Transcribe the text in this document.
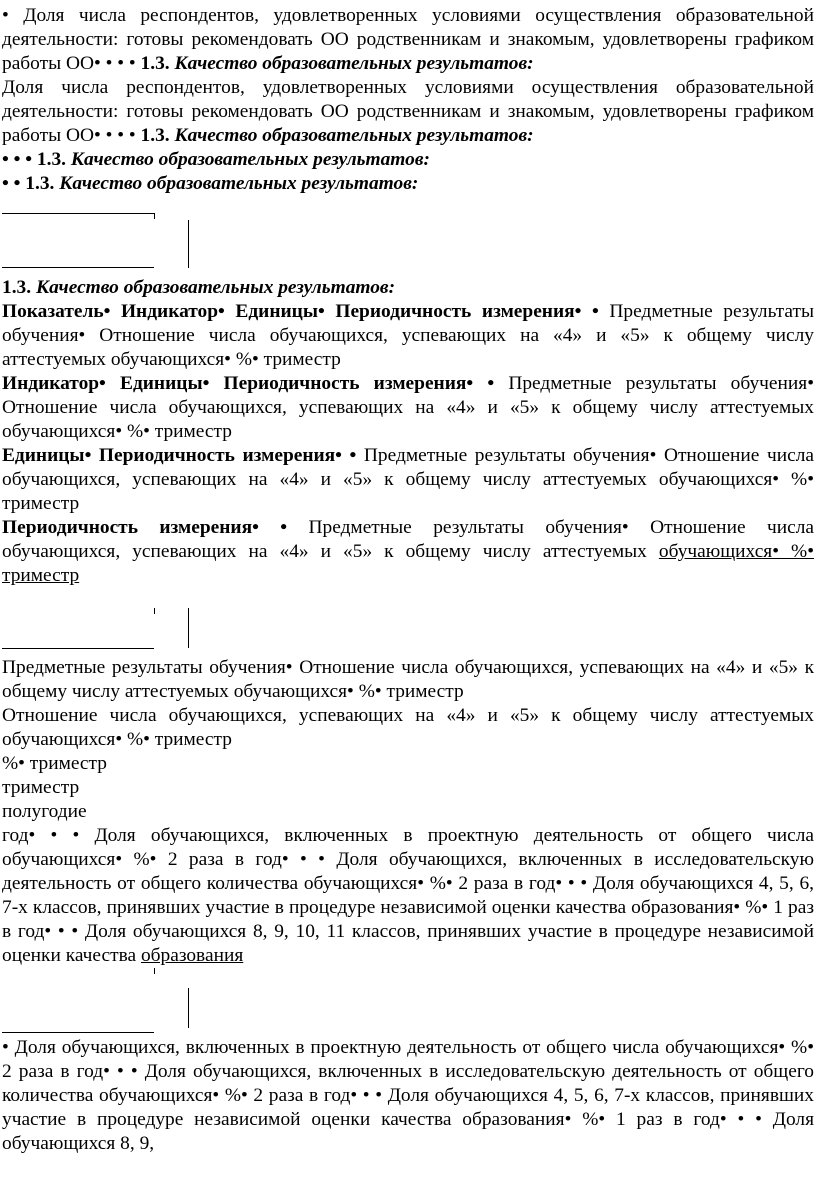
• Доля числа респондентов, удовлетворенных условиями осуществления образовательной деятельности: готовы рекомендовать ОО родственникам и знакомым, удовлетворены графиком работы ОО• • • • 1.3. Качество образовательных результатов:

Доля числа респондентов, удовлетворенных условиями осуществления образовательной деятельности: готовы рекомендовать ОО родственникам и знакомым, удовлетворены графиком работы ОО• • • • 1.3. Качество образовательных результатов:

• • • 1.3. Качество образовательных результатов:

• • 1.3. Качество образовательных результатов:

1.3. Качество образовательных результатов:

Показатель• Индикатор• Единицы• Периодичность измерения• • Предметные результаты обучения• Отношение числа обучающихся, успевающих на «4» и «5» к общему числу аттестуемых обучающихся• %• триместр

Индикатор• Единицы• Периодичность измерения• • Предметные результаты обучения• Отношение числа обучающихся, успевающих на «4» и «5» к общему числу аттестуемых обучающихся• %• триместр

Единицы• Периодичность измерения• • Предметные результаты обучения• Отношение числа обучающихся, успевающих на «4» и «5» к общему числу аттестуемых обучающихся• %• триместр

Периодичность измерения• • Предметные результаты обучения• Отношение числа обучающихся, успевающих на «4» и «5» к общему числу аттестуемых обучающихся• %• триместр

Предметные результаты обучения• Отношение числа обучающихся, успевающих на «4» и «5» к общему числу аттестуемых обучающихся• %• триместр

Отношение числа обучающихся, успевающих на «4» и «5» к общему числу аттестуемых обучающихся• %• триместр

%• триместр

триместр

полугодие

год• • • Доля обучающихся, включенных в проектную деятельность от общего числа обучающихся• %• 2 раза в год• • • Доля обучающихся, включенных в исследовательскую деятельность от общего количества обучающихся• %• 2 раза в год• • • Доля обучающихся 4, 5, 6, 7-х классов, принявших участие в процедуре независимой оценки качества образования• %• 1 раз в год• • • Доля обучающихся 8, 9, 10, 11 классов, принявших участие в процедуре независимой оценки качества образования

• Доля обучающихся, включенных в проектную деятельность от общего числа обучающихся• %• 2 раза в год• • • Доля обучающихся, включенных в исследовательскую деятельность от общего количества обучающихся• %• 2 раза в год• • • Доля обучающихся 4, 5, 6, 7-х классов, принявших участие в процедуре независимой оценки качества образования• %• 1 раз в год• • • Доля обучающихся 8, 9,
